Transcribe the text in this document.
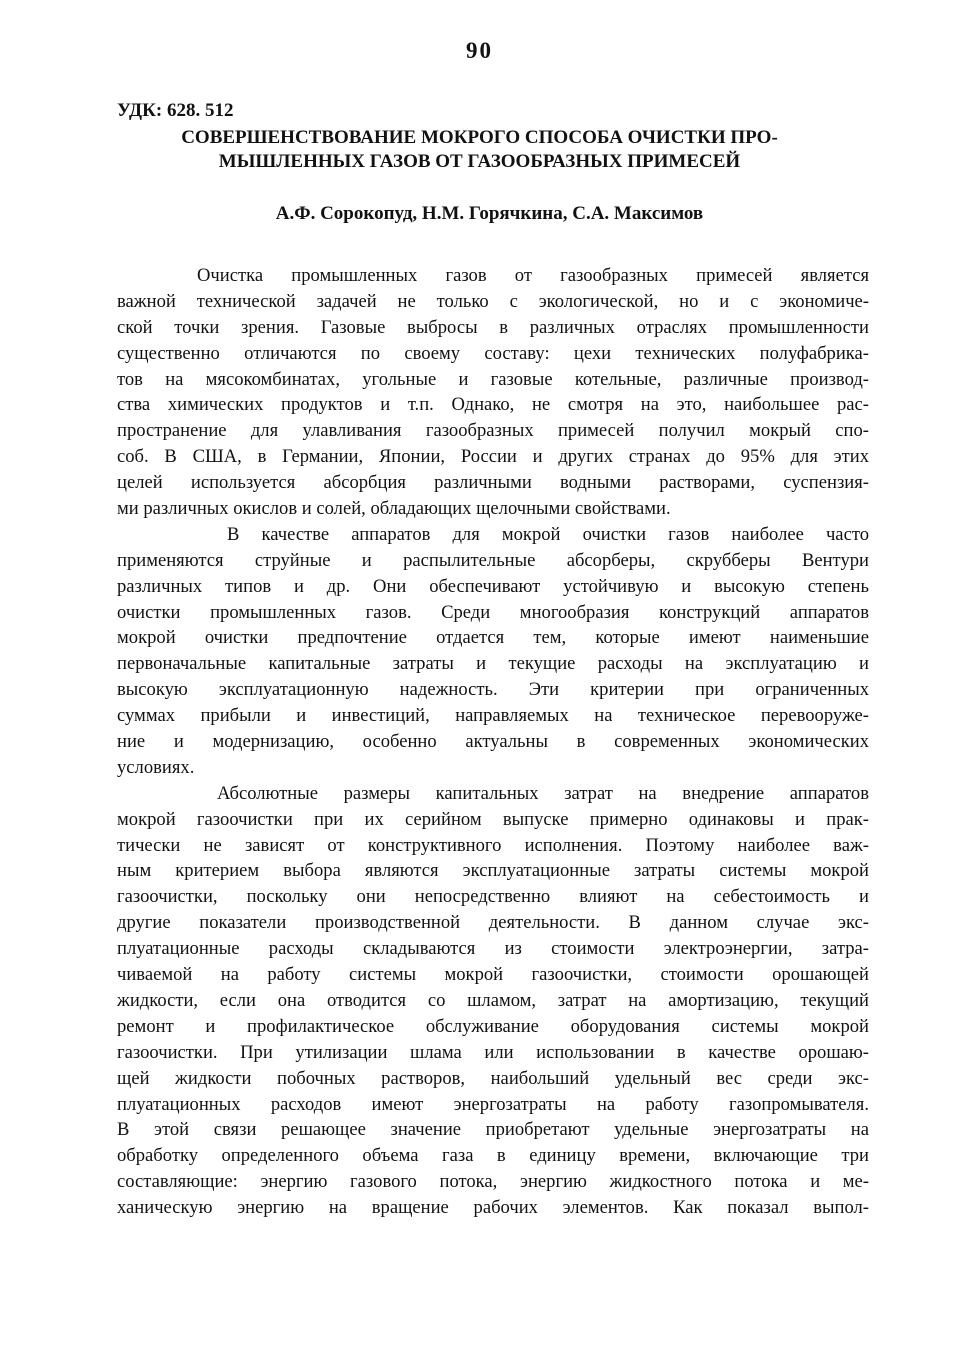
90
УДК: 628. 512
СОВЕРШЕНСТВОВАНИЕ МОКРОГО СПОСОБА ОЧИСТКИ ПРО-
МЫШЛЕННЫХ ГАЗОВ ОТ ГАЗООБРАЗНЫХ ПРИМЕСЕЙ
А.Ф. Сорокопуд, Н.М. Горячкина, С.А. Максимов
Очистка промышленных газов от газообразных примесей является
важной технической задачей не только с экологической, но и с экономиче-
ской точки зрения. Газовые выбросы в различных отраслях промышленности
существенно отличаются по своему составу: цехи технических полуфабрика-
тов на мясокомбинатах, угольные и газовые котельные, различные производ-
ства химических продуктов и т.п. Однако, не смотря на это, наибольшее рас-
пространение для улавливания газообразных примесей получил мокрый спо-
соб. В США, в Германии, Японии, России и других странах до 95% для этих
целей используется абсорбция различными водными растворами, суспензия-
ми различных окислов и солей, обладающих щелочными свойствами.
В качестве аппаратов для мокрой очистки газов наиболее часто
применяются струйные и распылительные абсорберы, скрубберы Вентури
различных типов и др. Они обеспечивают устойчивую и высокую степень
очистки промышленных газов. Среди многообразия конструкций аппаратов
мокрой очистки предпочтение отдается тем, которые имеют наименьшие
первоначальные капитальные затраты и текущие расходы на эксплуатацию и
высокую эксплуатационную надежность. Эти критерии при ограниченных
суммах прибыли и инвестиций, направляемых на техническое перевооруже-
ние и модернизацию, особенно актуальны в современных экономических
условиях.
Абсолютные размеры капитальных затрат на внедрение аппаратов
мокрой газоочистки при их серийном выпуске примерно одинаковы и прак-
тически не зависят от конструктивного исполнения. Поэтому наиболее важ-
ным критерием выбора являются эксплуатационные затраты системы мокрой
газоочистки, поскольку они непосредственно влияют на себестоимость и
другие показатели производственной деятельности. В данном случае экс-
плуатационные расходы складываются из стоимости электроэнергии, затра-
чиваемой на работу системы мокрой газоочистки, стоимости орошающей
жидкости, если она отводится со шламом, затрат на амортизацию, текущий
ремонт и профилактическое обслуживание оборудования системы мокрой
газоочистки. При утилизации шлама или использовании в качестве орошаю-
щей жидкости побочных растворов, наибольший удельный вес среди экс-
плуатационных расходов имеют энергозатраты на работу газопромывателя.
В этой связи решающее значение приобретают удельные энергозатраты на
обработку определенного объема газа в единицу времени, включающие три
составляющие: энергию газового потока, энергию жидкостного потока и ме-
ханическую энергию на вращение рабочих элементов. Как показал выпол-
